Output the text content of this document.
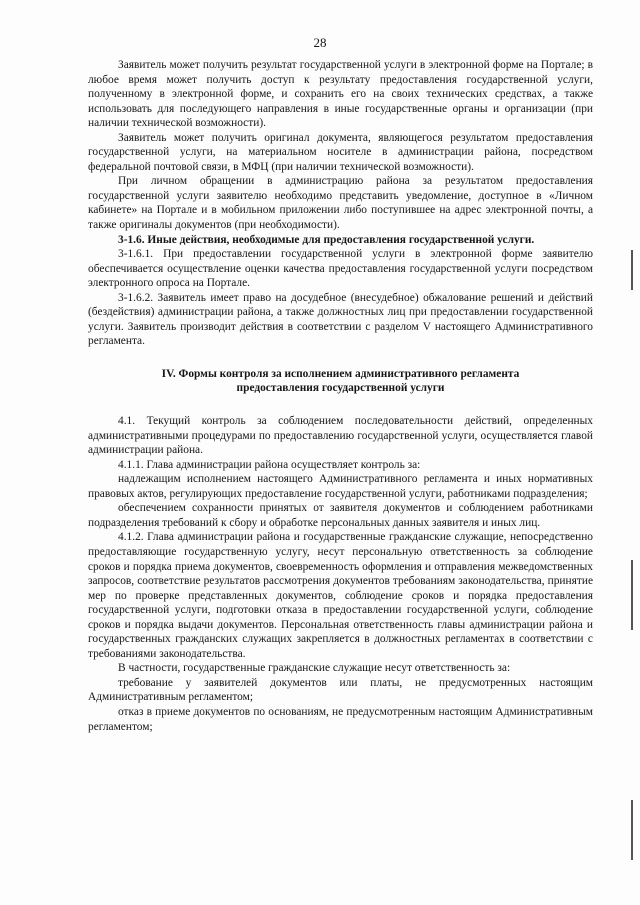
28

Заявитель может получить результат государственной услуги в электронной форме на Портале; в любое время может получить доступ к результату предоставления государственной услуги, полученному в электронной форме, и сохранить его на своих технических средствах, а также использовать для последующего направления в иные государственные органы и организации (при наличии технической возможности).

Заявитель может получить оригинал документа, являющегося результатом предоставления государственной услуги, на материальном носителе в администрации района, посредством федеральной почтовой связи, в МФЦ (при наличии технической возможности).

При личном обращении в администрацию района за результатом предоставления государственной услуги заявителю необходимо представить уведомление, доступное в «Личном кабинете» на Портале и в мобильном приложении либо поступившее на адрес электронной почты, а также оригиналы документов (при необходимости).

3-1.6. Иные действия, необходимые для предоставления государственной услуги.

3-1.6.1. При предоставлении государственной услуги в электронной форме заявителю обеспечивается осуществление оценки качества предоставления государственной услуги посредством электронного опроса на Портале.

3-1.6.2. Заявитель имеет право на досудебное (внесудебное) обжалование решений и действий (бездействия) администрации района, а также должностных лиц при предоставлении государственной услуги. Заявитель производит действия в соответствии с разделом V настоящего Административного регламента.

IV. Формы контроля за исполнением административного регламента
предоставления государственной услуги

4.1. Текущий контроль за соблюдением последовательности действий, определенных административными процедурами по предоставлению государственной услуги, осуществляется главой администрации района.

4.1.1. Глава администрации района осуществляет контроль за:

надлежащим исполнением настоящего Административного регламента и иных нормативных правовых актов, регулирующих предоставление государственной услуги, работниками подразделения;

обеспечением сохранности принятых от заявителя документов и соблюдением работниками подразделения требований к сбору и обработке персональных данных заявителя и иных лиц.

4.1.2. Глава администрации района и государственные гражданские служащие, непосредственно предоставляющие государственную услугу, несут персональную ответственность за соблюдение сроков и порядка приема документов, своевременность оформления и отправления межведомственных запросов, соответствие результатов рассмотрения документов требованиям законодательства, принятие мер по проверке представленных документов, соблюдение сроков и порядка предоставления государственной услуги, подготовки отказа в предоставлении государственной услуги, соблюдение сроков и порядка выдачи документов. Персональная ответственность главы администрации района и государственных гражданских служащих закрепляется в должностных регламентах в соответствии с требованиями законодательства.

В частности, государственные гражданские служащие несут ответственность за:

требование у заявителей документов или платы, не предусмотренных настоящим Административным регламентом;

отказ в приеме документов по основаниям, не предусмотренным настоящим Административным регламентом;
